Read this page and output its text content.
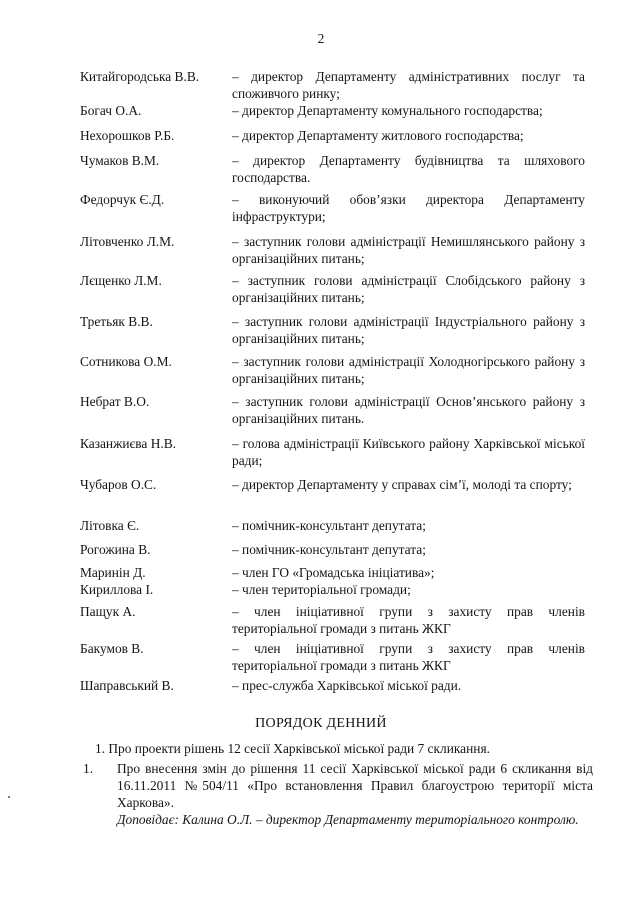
2
Китайгородська В.В.	– директор Департаменту адміністративних послуг та споживчого ринку;
Богач О.А.	– директор Департаменту комунального господарства;
Нехорошков Р.Б.	– директор Департаменту житлового господарства;
Чумаков В.М.	– директор Департаменту будівництва та шляхового господарства.
Федорчук Є.Д.	– виконуючий обов’язки директора Департаменту інфраструктури;
Літовченко Л.М.	– заступник голови адміністрації Немишлянського району з організаційних питань;
Лєщенко Л.М.	– заступник голови адміністрації Слобідського району з організаційних питань;
Третьяк В.В.	– заступник голови адміністрації Індустріального району з організаційних питань;
Сотникова О.М.	– заступник голови адміністрації Холодногірського району з організаційних питань;
Небрат В.О.	– заступник голови адміністрації Основ’янського району з організаційних питань.
Казанжиєва Н.В.	– голова адміністрації Київського району Харківської міської ради;
Чубаров О.С.	– директор Департаменту у справах сім’ї, молоді та спорту;
Літовка Є.	– помічник-консультант депутата;
Рогожина В.	– помічник-консультант депутата;
Маринін Д.	– член ГО «Громадська ініціатива»;
Кириллова І.	– член територіальної громади;
Пащук А.	– член ініціативної групи з захисту прав членів територіальної громади з питань ЖКГ
Бакумов В.	– член ініціативної групи з захисту прав членів територіальної громади з питань ЖКГ
Шаправський В.	– прес-служба Харківської міської ради.
ПОРЯДОК ДЕННИЙ
1. Про проекти рішень 12 сесії Харківської міської ради 7 скликання.
1. Про внесення змін до рішення 11 сесії Харківської міської ради 6 скликання від 16.11.2011 №504/11 «Про встановлення Правил благоустрою території міста Харкова».
Доповідає: Калина О.Л. – директор Департаменту територіального контролю.
